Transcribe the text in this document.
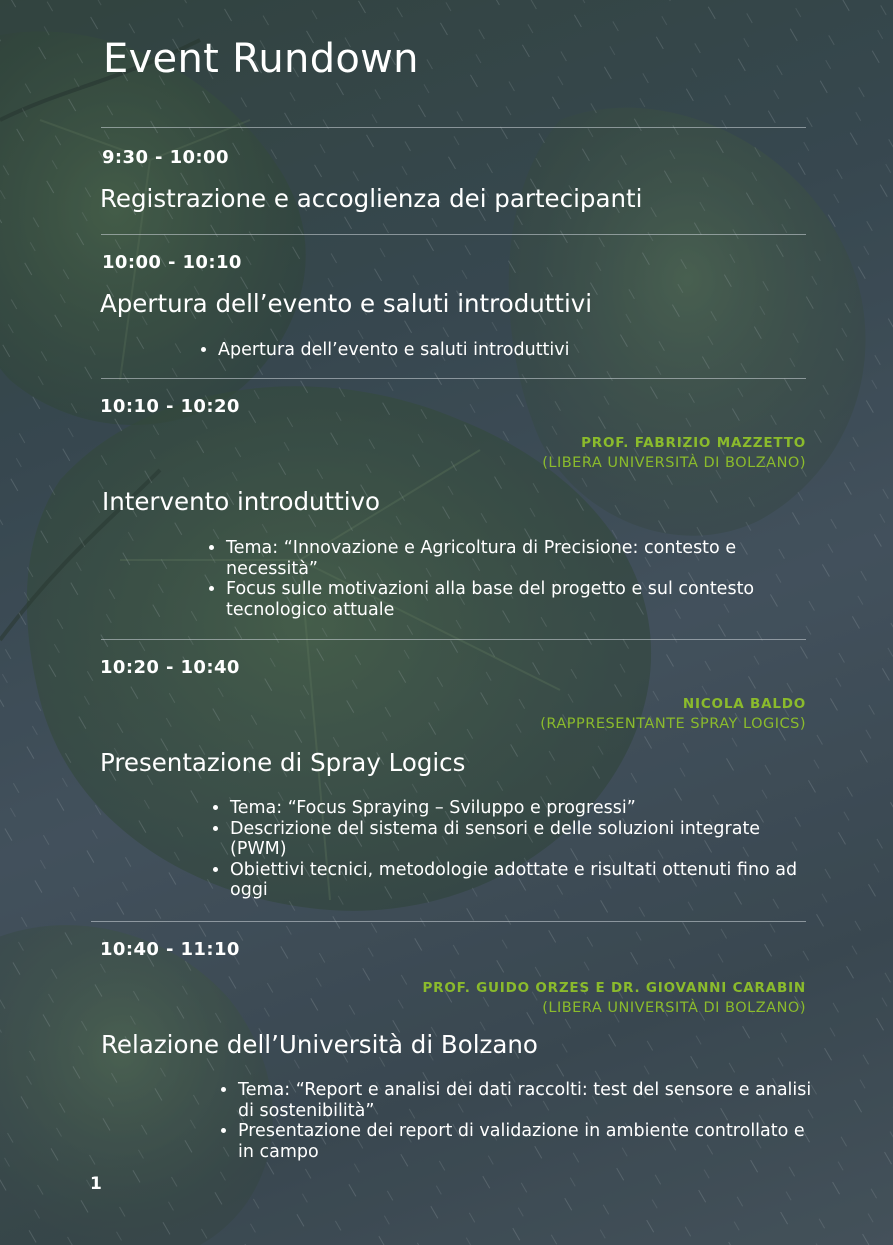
Event Rundown
9:30 - 10:00
Registrazione e accoglienza dei partecipanti
10:00 - 10:10
Apertura dell’evento e saluti introduttivi
• Apertura dell’evento e saluti introduttivi
10:10 - 10:20
PROF. FABRIZIO MAZZETTO
(LIBERA UNIVERSITÀ DI BOLZANO)
Intervento introduttivo
• Tema: “Innovazione e Agricoltura di Precisione: contesto e necessità”
• Focus sulle motivazioni alla base del progetto e sul contesto tecnologico attuale
10:20 - 10:40
NICOLA BALDO
(RAPPRESENTANTE SPRAY LOGICS)
Presentazione di Spray Logics
• Tema: “Focus Spraying – Sviluppo e progressi”
• Descrizione del sistema di sensori e delle soluzioni integrate (PWM)
• Obiettivi tecnici, metodologie adottate e risultati ottenuti fino ad oggi
10:40 - 11:10
PROF. GUIDO ORZES E DR. GIOVANNI CARABIN
(LIBERA UNIVERSITÀ DI BOLZANO)
Relazione dell’Università di Bolzano
• Tema: “Report e analisi dei dati raccolti: test del sensore e analisi di sostenibilità”
• Presentazione dei report di validazione in ambiente controllato e in campo
1
